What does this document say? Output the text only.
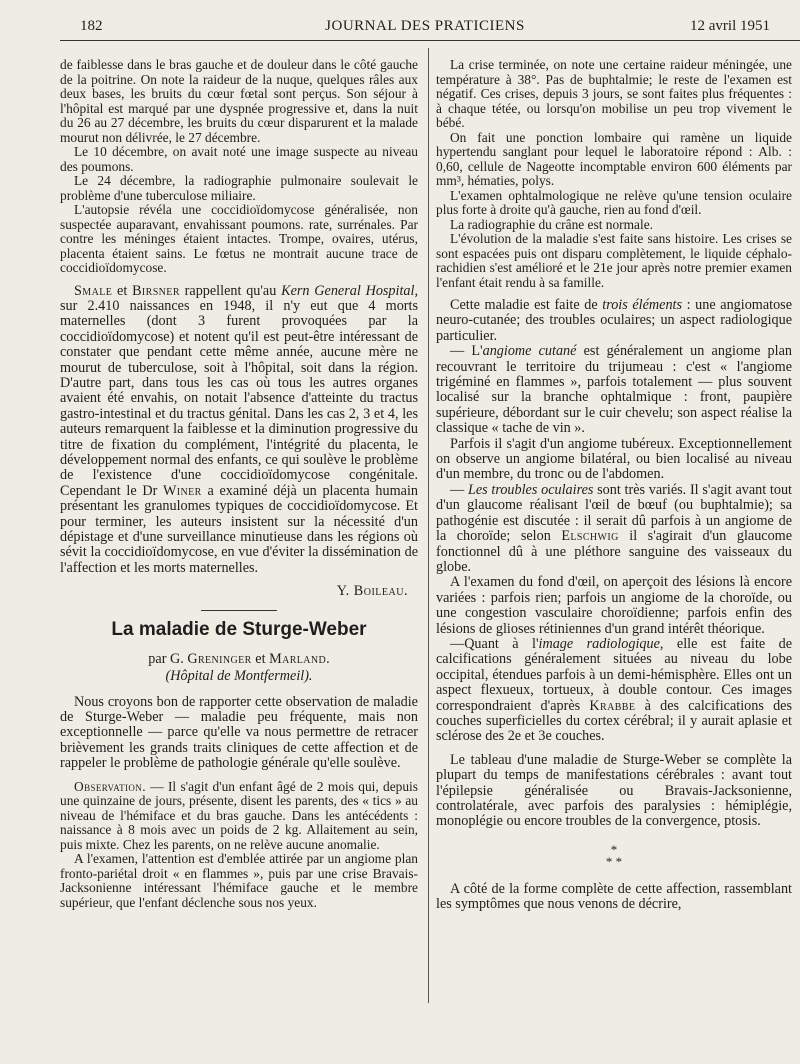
182	JOURNAL DES PRATICIENS	12 avril 1951

de faiblesse dans le bras gauche et de douleur dans le côté gauche de la poitrine. On note la raideur de la nuque, quelques râles aux deux bases, les bruits du cœur fœtal sont perçus. Son séjour à l'hôpital est marqué par une dyspnée progressive et, dans la nuit du 26 au 27 décembre, les bruits du cœur disparurent et la malade mourut non délivrée, le 27 décembre.

Le 10 décembre, on avait noté une image suspecte au niveau des poumons.

Le 24 décembre, la radiographie pulmonaire soulevait le problème d'une tuberculose miliaire.

L'autopsie révéla une coccidioïdomycose généralisée, non suspectée auparavant, envahissant poumons. rate, surrénales. Par contre les méninges étaient intactes. Trompe, ovaires, utérus, placenta étaient sains. Le fœtus ne montrait aucune trace de coccidioïdomycose.

Smale et Birsner rappellent qu'au Kern General Hospital, sur 2.410 naissances en 1948, il n'y eut que 4 morts maternelles (dont 3 furent provoquées par la coccidioïdomycose) et notent qu'il est peut-être intéressant de constater que pendant cette même année, aucune mère ne mourut de tuberculose, soit à l'hôpital, soit dans la région. D'autre part, dans tous les cas où tous les autres organes avaient été envahis, on notait l'absence d'atteinte du tractus gastro-intestinal et du tractus génital. Dans les cas 2, 3 et 4, les auteurs remarquent la faiblesse et la diminution progressive du titre de fixation du complément, l'intégrité du placenta, le développement normal des enfants, ce qui soulève le problème de l'existence d'une coccidioïdomycose congénitale. Cependant le Dr Winer a examiné déjà un placenta humain présentant les granulomes typiques de coccidioïdomycose. Et pour terminer, les auteurs insistent sur la nécessité d'un dépistage et d'une surveillance minutieuse dans les régions où sévit la coccidioïdomycose, en vue d'éviter la dissémination de l'affection et les morts maternelles.

Y. Boileau.
La maladie de Sturge-Weber
par G. Greninger et Marland.
(Hôpital de Montfermeil).

Nous croyons bon de rapporter cette observation de maladie de Sturge-Weber — maladie peu fréquente, mais non exceptionnelle — parce qu'elle va nous permettre de retracer brièvement les grands traits cliniques de cette affection et de rappeler le problème de pathologie générale qu'elle soulève.

Observation. — Il s'agit d'un enfant âgé de 2 mois qui, depuis une quinzaine de jours, présente, disent les parents, des « tics » au niveau de l'hémiface et du bras gauche. Dans les antécédents : naissance à 8 mois avec un poids de 2 kg. Allaitement au sein, puis mixte. Chez les parents, on ne relève aucune anomalie.

A l'examen, l'attention est d'emblée attirée par un angiome plan fronto-pariétal droit « en flammes », puis par une crise Bravais-Jacksonienne intéressant l'hémiface gauche et le membre supérieur, que l'enfant déclenche sous nos yeux.

La crise terminée, on note une certaine raideur méningée, une température à 38°. Pas de buphtalmie; le reste de l'examen est négatif. Ces crises, depuis 3 jours, se sont faites plus fréquentes : à chaque tétée, ou lorsqu'on mobilise un peu trop vivement le bébé.

On fait une ponction lombaire qui ramène un liquide hypertendu sanglant pour lequel le laboratoire répond : Alb. : 0,60, cellule de Nageotte incomptable environ 600 éléments par mm³, hématies, polys.

L'examen ophtalmologique ne relève qu'une tension oculaire plus forte à droite qu'à gauche, rien au fond d'œil.

La radiographie du crâne est normale.

L'évolution de la maladie s'est faite sans histoire. Les crises se sont espacées puis ont disparu complètement, le liquide céphalo-rachidien s'est amélioré et le 21e jour après notre premier examen l'enfant était rendu à sa famille.

Cette maladie est faite de trois éléments : une angiomatose neuro-cutanée; des troubles oculaires; un aspect radiologique particulier.

— L'angiome cutané est généralement un angiome plan recouvrant le territoire du trijumeau : c'est « l'angiome trigéminé en flammes », parfois totalement — plus souvent localisé sur la branche ophtalmique : front, paupière supérieure, débordant sur le cuir chevelu; son aspect réalise la classique « tache de vin ».

Parfois il s'agit d'un angiome tubéreux. Exceptionnellement on observe un angiome bilatéral, ou bien localisé au niveau d'un membre, du tronc ou de l'abdomen.

— Les troubles oculaires sont très variés. Il s'agit avant tout d'un glaucome réalisant l'œil de bœuf (ou buphtalmie); sa pathogénie est discutée : il serait dû parfois à un angiome de la choroïde; selon Elschwig il s'agirait d'un glaucome fonctionnel dû à une pléthore sanguine des vaisseaux du globe.

A l'examen du fond d'œil, on aperçoit des lésions là encore variées : parfois rien; parfois un angiome de la choroïde, ou une congestion vasculaire choroïdienne; parfois enfin des lésions de glioses rétiniennes d'un grand intérêt théorique.

—Quant à l'image radiologique, elle est faite de calcifications généralement situées au niveau du lobe occipital, étendues parfois à un demi-hémisphère. Elles ont un aspect flexueux, tortueux, à double contour. Ces images correspondraient d'après Krabbe à des calcifications des couches superficielles du cortex cérébral; il y aurait aplasie et sclérose des 2e et 3e couches.

Le tableau d'une maladie de Sturge-Weber se complète la plupart du temps de manifestations cérébrales : avant tout l'épilepsie généralisée ou Bravais-Jacksonienne, controlatérale, avec parfois des paralysies : hémiplégie, monoplégie ou encore troubles de la convergence, ptosis.

*
* *

A côté de la forme complète de cette affection, rassemblant les symptômes que nous venons de décrire,
